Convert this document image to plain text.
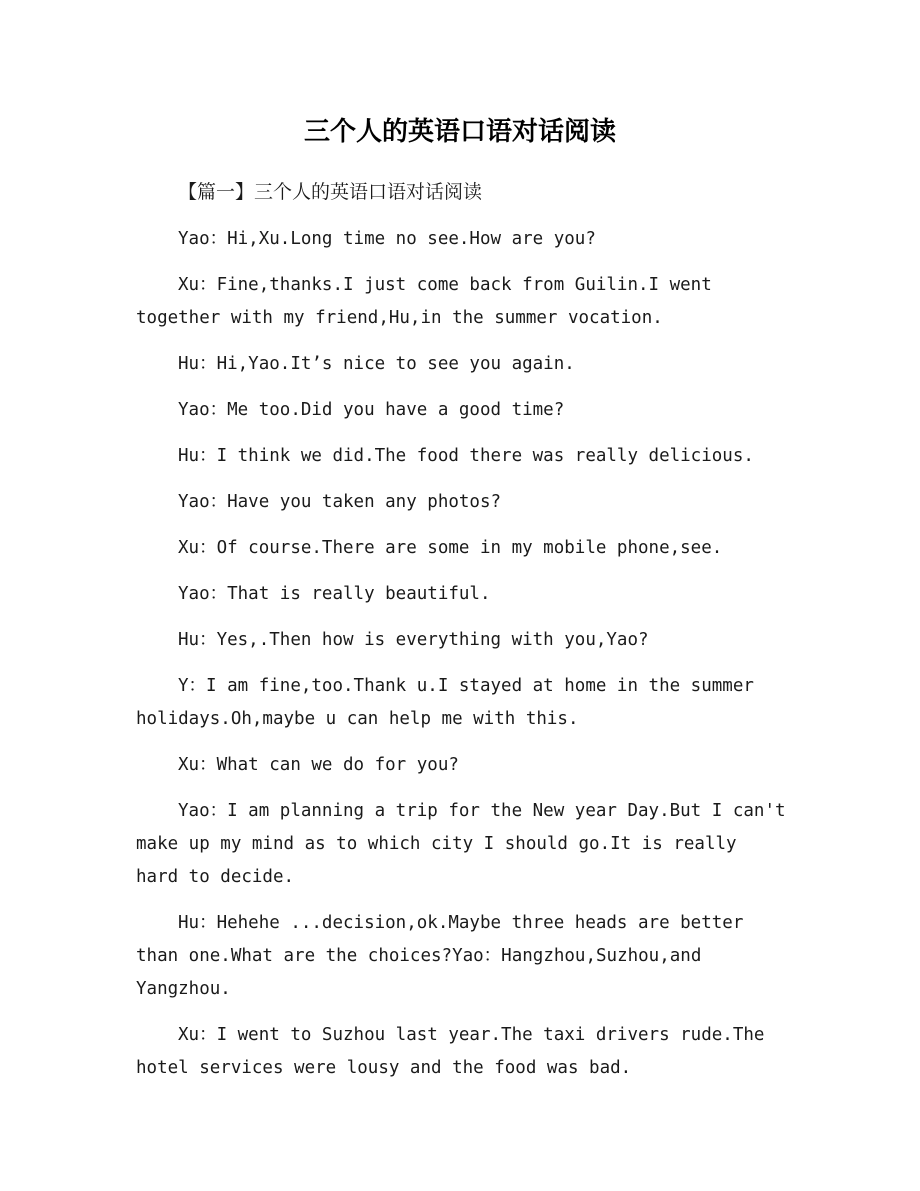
三个人的英语口语对话阅读

【篇一】三个人的英语口语对话阅读

Yao：Hi,Xu.Long time no see.How are you?

Xu：Fine,thanks.I just come back from Guilin.I went together with my friend,Hu,in the summer vocation.

Hu：Hi,Yao.It’s nice to see you again.

Yao：Me too.Did you have a good time?

Hu：I think we did.The food there was really delicious.

Yao：Have you taken any photos?

Xu：Of course.There are some in my mobile phone,see.

Yao：That is really beautiful.

Hu：Yes,.Then how is everything with you,Yao?

Y：I am fine,too.Thank u.I stayed at home in the summer holidays.Oh,maybe u can help me with this.

Xu：What can we do for you?

Yao：I am planning a trip for the New year Day.But I can't make up my mind as to which city I should go.It is really hard to decide.

Hu：Hehehe ...decision,ok.Maybe three heads are better than one.What are the choices?Yao：Hangzhou,Suzhou,and Yangzhou.

Xu：I went to Suzhou last year.The taxi drivers rude.The hotel services were lousy and the food was bad.
